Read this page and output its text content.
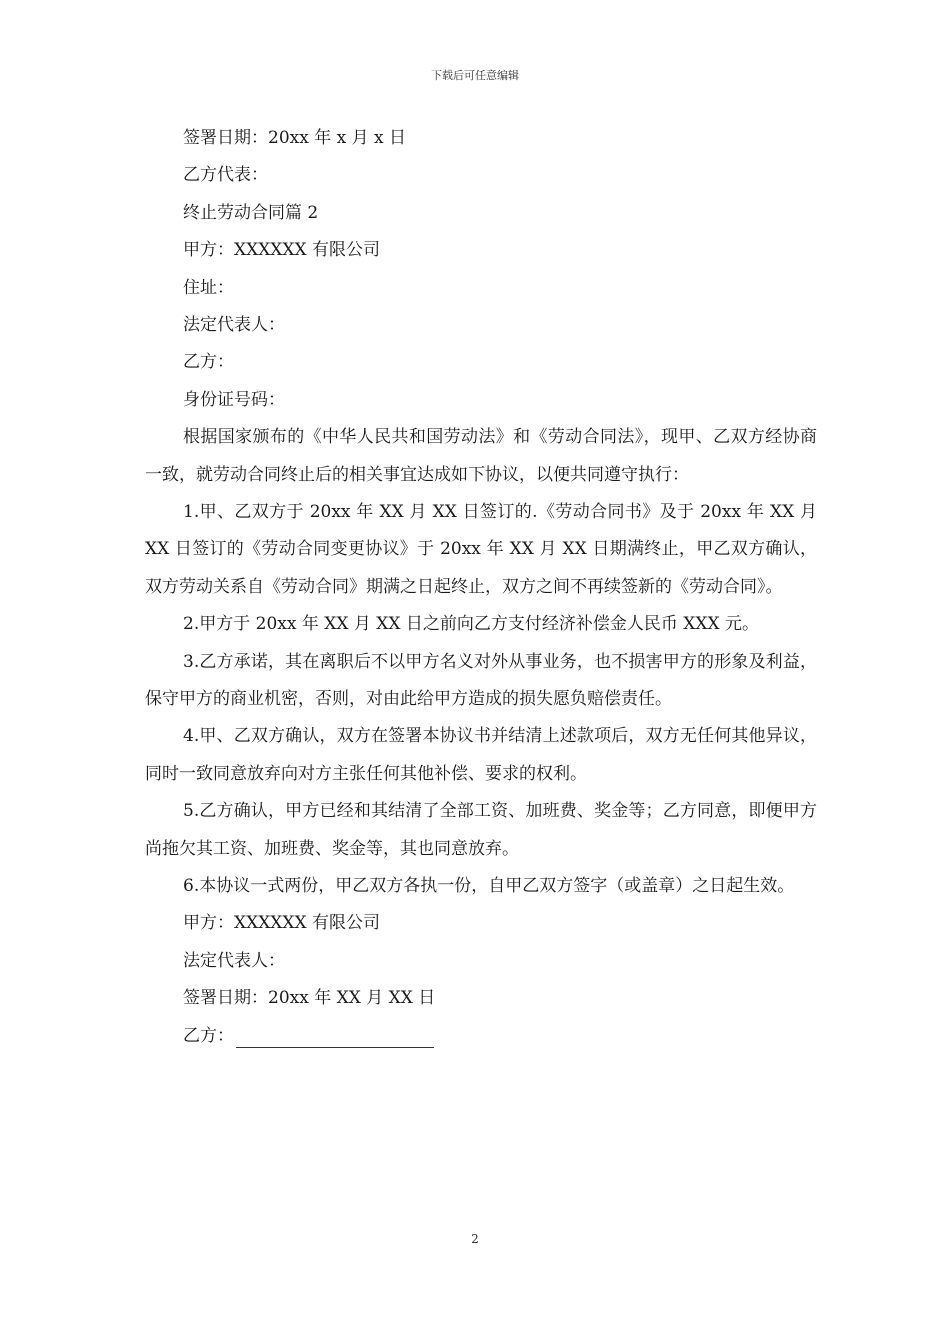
下载后可任意编辑
签署日期：20xx 年 x 月 x 日
乙方代表：
终止劳动合同篇 2
甲方：XXXXXX 有限公司
住址：
法定代表人：
乙方：
身份证号码：

根据国家颁布的《中华人民共和国劳动法》和《劳动合同法》，现甲、乙双方经协商一致，就劳动合同终止后的相关事宜达成如下协议，以便共同遵守执行：

1.甲、乙双方于 20xx 年 XX 月 XX 日签订的.《劳动合同书》及于 20xx 年 XX 月 XX 日签订的《劳动合同变更协议》于 20xx 年 XX 月 XX 日期满终止，甲乙双方确认，双方劳动关系自《劳动合同》期满之日起终止，双方之间不再续签新的《劳动合同》。

2.甲方于 20xx 年 XX 月 XX 日之前向乙方支付经济补偿金人民币 XXX 元。

3.乙方承诺，其在离职后不以甲方名义对外从事业务，也不损害甲方的形象及利益，保守甲方的商业机密，否则，对由此给甲方造成的损失愿负赔偿责任。

4.甲、乙双方确认，双方在签署本协议书并结清上述款项后，双方无任何其他异议，同时一致同意放弃向对方主张任何其他补偿、要求的权利。

5.乙方确认，甲方已经和其结清了全部工资、加班费、奖金等；乙方同意，即便甲方尚拖欠其工资、加班费、奖金等，其也同意放弃。

6.本协议一式两份，甲乙双方各执一份，自甲乙双方签字（或盖章）之日起生效。

甲方：XXXXXX 有限公司
法定代表人：
签署日期：20xx 年 XX 月 XX 日
乙方：
2
